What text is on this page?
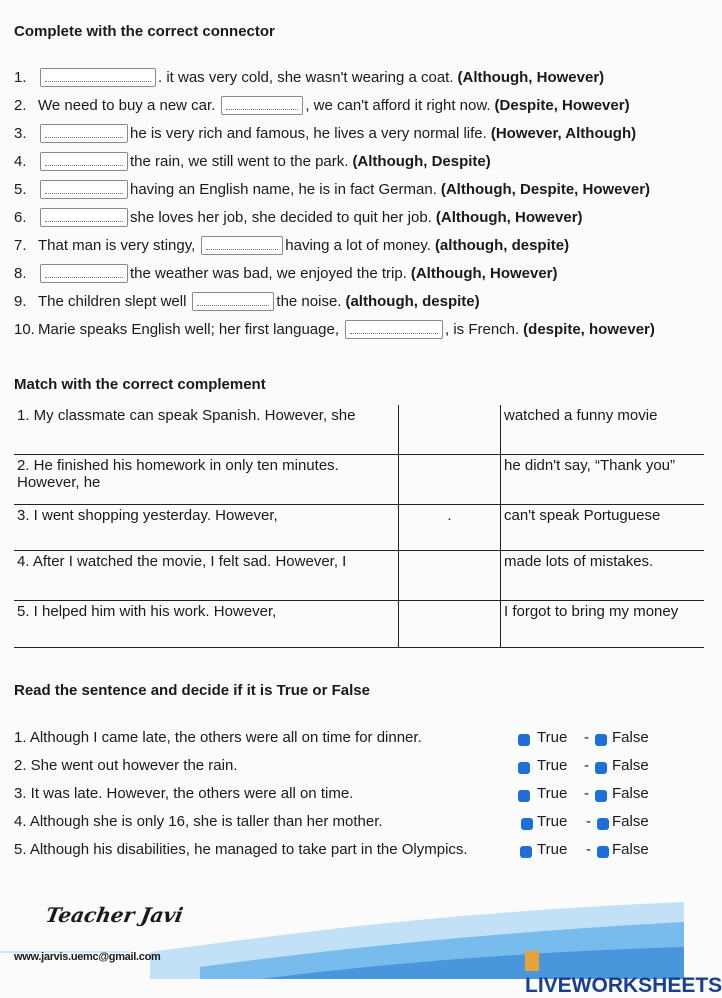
Complete with the correct connector
1.	. it was very cold, she wasn't wearing a coat. (Although, However)
2. We need to buy a new car.	, we can't afford it right now. (Despite, However)
3.	he is very rich and famous, he lives a very normal life. (However, Although)
4.	the rain, we still went to the park. (Although, Despite)
5.	having an English name, he is in fact German. (Although, Despite, However)
6.	she loves her job, she decided to quit her job. (Although, However)
7. That man is very stingy,	having a lot of money. (although, despite)
8.	the weather was bad, we enjoyed the trip. (Although, However)
9. The children slept well	the noise. (although, despite)
10. Marie speaks English well; her first language,	, is French. (despite, however)
Match with the correct complement
1. My classmate can speak Spanish. However, she		watched a funny movie
2. He finished his homework in only ten minutes. However, he		he didn't say, “Thank you”
3. I went shopping yesterday. However,	.	can't speak Portuguese
4. After I watched the movie, I felt sad. However, I		made lots of mistakes.
5. I helped him with his work. However,		I forgot to bring my money
Read the sentence and decide if it is True or False
1. Although I came late, the others were all on time for dinner.	True - False
2. She went out however the rain.	True - False
3. It was late. However, the others were all on time.	True - False
4. Although she is only 16, she is taller than her mother.	True - False
5. Although his disabilities, he managed to take part in the Olympics.	True - False
Teacher Javi
www.jarvis.uemc@gmail.com
LIVEWORKSHEETS
